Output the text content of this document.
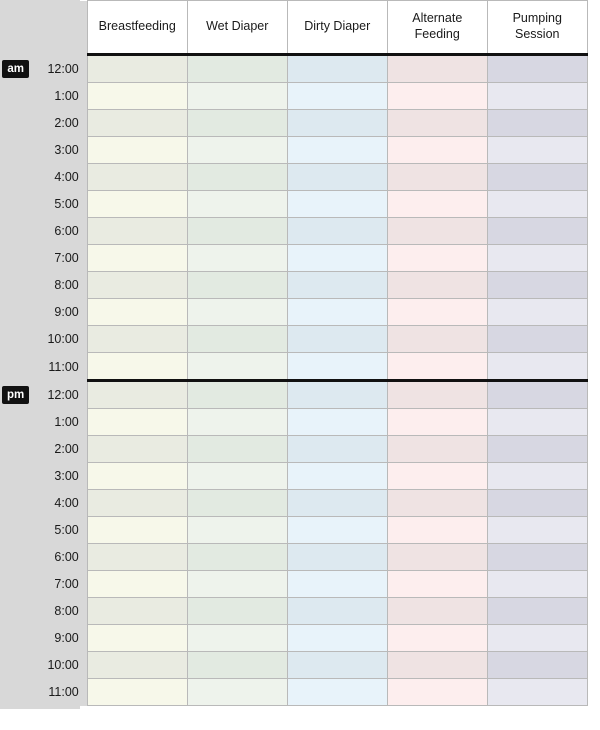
		Breastfeeding	Wet Diaper	Dirty Diaper	Alternate Feeding	Pumping Session
am	12:00					
	1:00					
	2:00					
	3:00					
	4:00					
	5:00					
	6:00					
	7:00					
	8:00					
	9:00					
	10:00					
	11:00					
pm	12:00					
	1:00					
	2:00					
	3:00					
	4:00					
	5:00					
	6:00					
	7:00					
	8:00					
	9:00					
	10:00					
	11:00					
